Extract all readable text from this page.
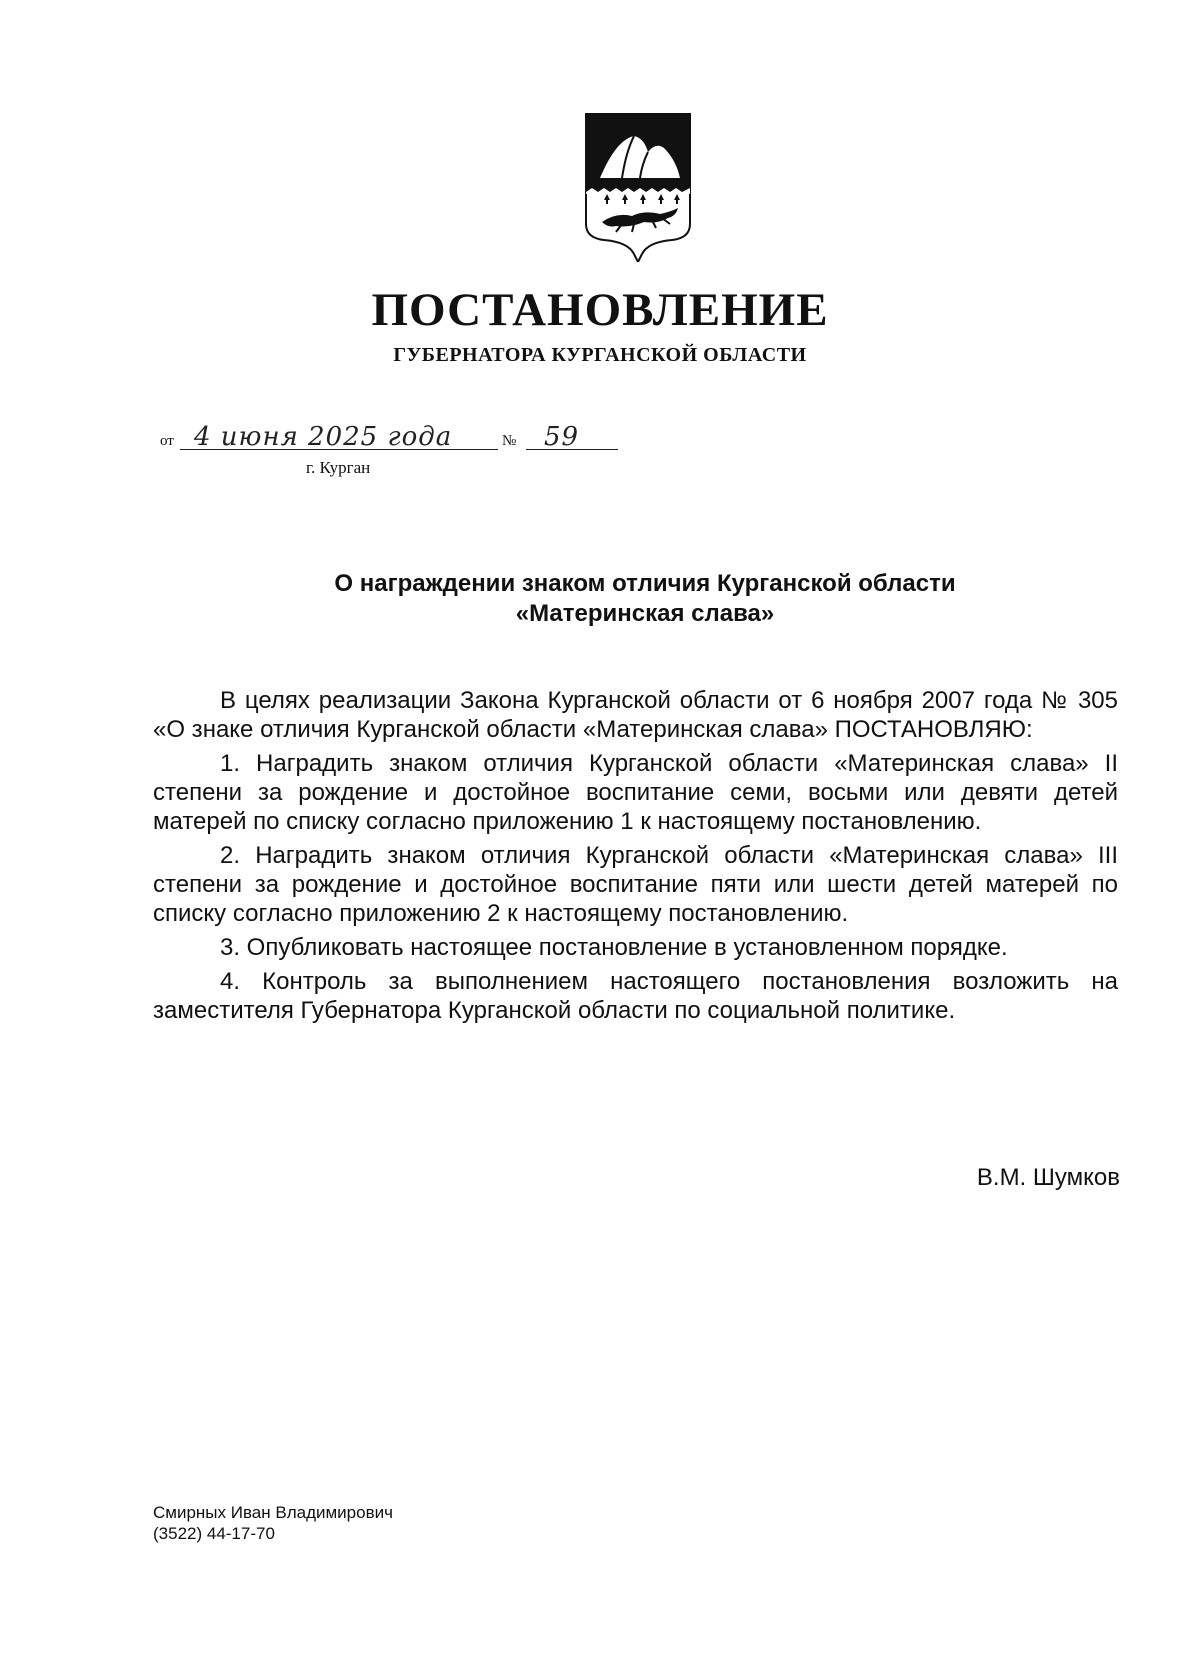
ПОСТАНОВЛЕНИЕ
ГУБЕРНАТОРА КУРГАНСКОЙ ОБЛАСТИ
от 4 июня 2025 года	№ 59
г. Курган
О награждении знаком отличия Курганской области
«Материнская слава»

В целях реализации Закона Курганской области от 6 ноября 2007 года № 305 «О знаке отличия Курганской области «Материнская слава» ПОСТАНОВЛЯЮ:

1. Наградить знаком отличия Курганской области «Материнская слава» II степени за рождение и достойное воспитание семи, восьми или девяти детей матерей по списку согласно приложению 1 к настоящему постановлению.

2. Наградить знаком отличия Курганской области «Материнская слава» III степени за рождение и достойное воспитание пяти или шести детей матерей по списку согласно приложению 2 к настоящему постановлению.

3. Опубликовать настоящее постановление в установленном порядке.

4. Контроль за выполнением настоящего постановления возложить на заместителя Губернатора Курганской области по социальной политике.

В.М. Шумков
Смирных Иван Владимирович
(3522) 44-17-70
